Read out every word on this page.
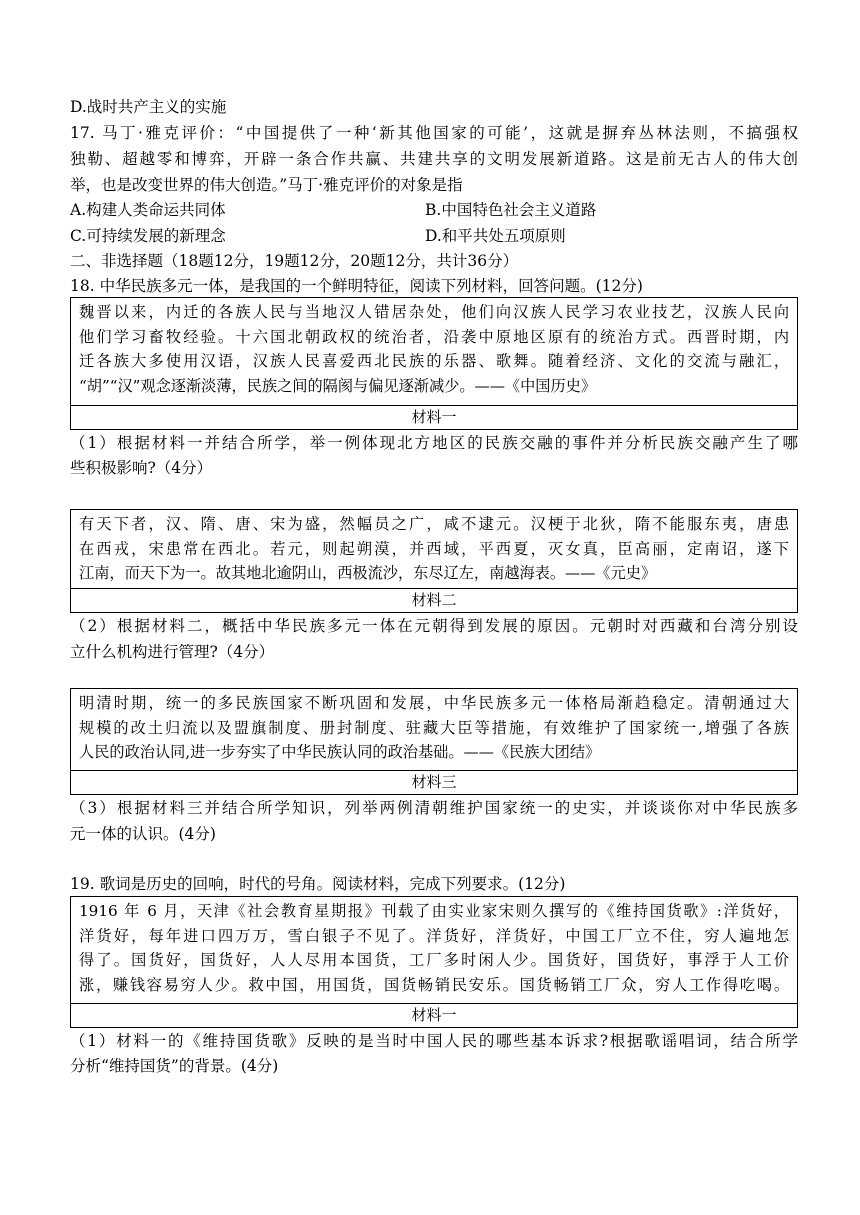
D.战时共产主义的实施
17. 马丁·雅克评价：“中国提供了一种‘新其他国家的可能’，这就是摒弃丛林法则，不搞强权
独勒、超越零和博弈，开辟一条合作共赢、共建共享的文明发展新道路。这是前无古人的伟大创
举，也是改变世界的伟大创造。”马丁·雅克评价的对象是指
A.构建人类命运共同体	B.中国特色社会主义道路
C.可持续发展的新理念	D.和平共处五项原则
二、非选择题（18题12分，19题12分，20题12分，共计36分）
18. 中华民族多元一体，是我国的一个鲜明特征，阅读下列材料，回答问题。(12分)

魏晋以来，内迁的各族人民与当地汉人错居杂处，他们向汉族人民学习农业技艺，汉族人民向

他们学习畜牧经验。十六国北朝政权的统治者，沿袭中原地区原有的统治方式。西晋时期，内

迁各族大多使用汉语，汉族人民喜爱西北民族的乐器、歌舞。随着经济、文化的交流与融汇，

“胡”“汉”观念逐渐淡薄，民族之间的隔阂与偏见逐渐减少。——《中国历史》

材料一
（1）根据材料一并结合所学，举一例体现北方地区的民族交融的事件并分析民族交融产生了哪
些积极影响?（4分）

有天下者，汉、隋、唐、宋为盛，然幅员之广，咸不逮元。汉梗于北狄，隋不能服东夷，唐患

在西戎，宋患常在西北。若元，则起朔漠，并西域，平西夏，灭女真，臣高丽，定南诏，遂下

江南，而天下为一。故其地北逾阴山，西极流沙，东尽辽左，南越海表。——《元史》

材料二
（2）根据材料二，概括中华民族多元一体在元朝得到发展的原因。元朝时对西藏和台湾分别设
立什么机构进行管理?（4分）

明清时期，统一的多民族国家不断巩固和发展，中华民族多元一体格局渐趋稳定。清朝通过大

规模的改土归流以及盟旗制度、册封制度、驻藏大臣等措施，有效维护了国家统一,增强了各族

人民的政治认同,进一步夯实了中华民族认同的政治基础。——《民族大团结》

材料三
（3）根据材料三并结合所学知识，列举两例清朝维护国家统一的史实，并谈谈你对中华民族多
元一体的认识。(4分)
19. 歌词是历史的回响，时代的号角。阅读材料，完成下列要求。(12分)

1916 年 6 月，天津《社会教育星期报》刊载了由实业家宋则久撰写的《维持国货歌》:洋货好，

洋货好，每年进口四万万，雪白银子不见了。洋货好，洋货好，中国工厂立不住，穷人遍地怎

得了。国货好，国货好，人人尽用本国货，工厂多时闲人少。国货好，国货好，事浮于人工价

涨，赚钱容易穷人少。救中国，用国货，国货畅销民安乐。国货畅销工厂众，穷人工作得吃喝。

材料一
（1）材料一的《维持国货歌》反映的是当时中国人民的哪些基本诉求?根据歌谣唱词，结合所学
分析“维持国货”的背景。(4分)
